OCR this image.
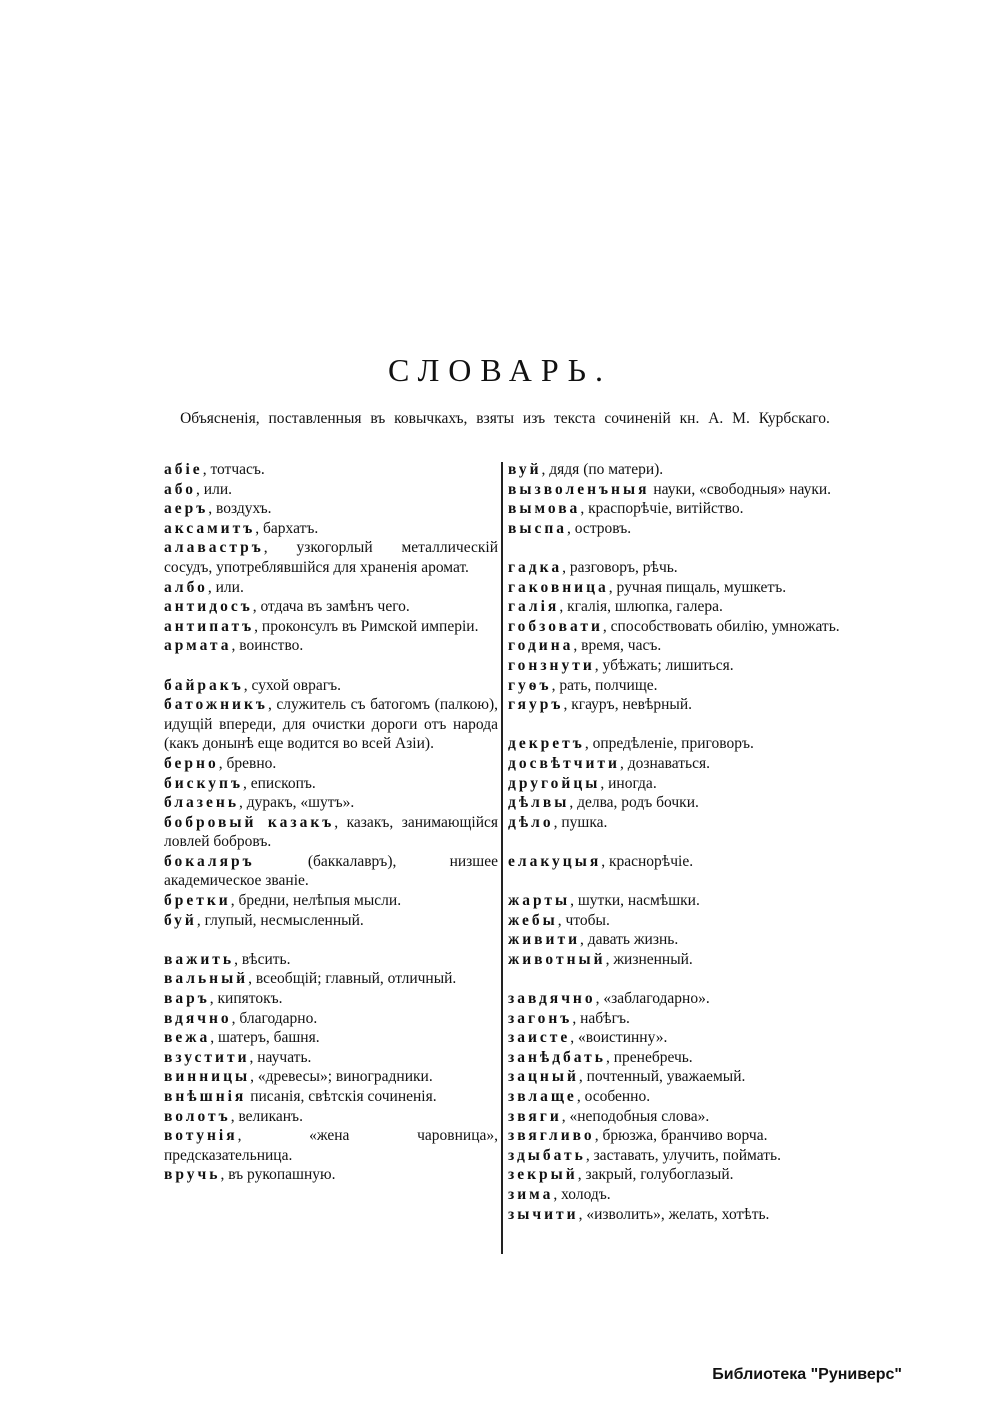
СЛОВАРЬ.
Объясненія, поставленныя въ ковычкахъ, взяты изъ текста сочиненій кн. А. М. Курбскаго.
абіе, тотчасъ.
або, или.
аеръ, воздухъ.
аксамитъ, бархатъ.
алавастръ, узкогорлый металлическій сосудъ, употреблявшійся для храненія аромат.
албо, или.
антидосъ, отдача въ замѣнъ чего.
антипатъ, проконсулъ въ Римской имперіи.
армата, воинство.
байракъ, сухой оврагъ.
батожникъ, служитель съ батогомъ (палкою), идущій впереди, для очистки дороги отъ народа (какъ донынѣ еще водится во всей Азіи).
берно, бревно.
бискупъ, епископъ.
блазень, дуракъ, «шутъ».
бобровый казакъ, казакъ, занимающійся ловлей бобровъ.
бокаляръ (баккалавръ), низшее академическое званіе.
бретки, бредни, нелѣпыя мысли.
буй, глупый, несмысленный.
важить, вѣсить.
вальный, всеобщій; главный, отличный.
варъ, кипятокъ.
вдячно, благодарно.
вежа, шатеръ, башня.
взустити, научать.
винницы, «древесы»; виноградники.
внѣшнія писанія, свѣтскія сочиненія.
волотъ, великанъ.
вотунія, «жена чаровница», предсказательница.
вручь, въ рукопашную.
вуй, дядя (по матери).
вызволенъныя науки, «свободныя» науки.
вымова, краспорѣчіе, витійство.
выспа, островъ.
гадка, разговоръ, рѣчь.
гаковница, ручная пищаль, мушкетъ.
галія, кгалія, шлюпка, галера.
гобзовати, способствовать обилію, умножать.
година, время, часъ.
гонзнути, убѣжать; лишиться.
гуѳъ, рать, полчище.
гяуръ, кгауръ, невѣрный.
декретъ, опредѣленіе, приговоръ.
досвѣтчити, дознаваться.
другойцы, иногда.
дѣлвы, делва, родъ бочки.
дѣло, пушка.
елакуцыя, краснорѣчіе.
жарты, шутки, насмѣшки.
жебы, чтобы.
живити, давать жизнь.
животный, жизненный.
завдячно, «заблагодарно».
загонъ, набѣгъ.
заисте, «воистинну».
занѣдбать, пренебречь.
зацный, почтенный, уважаемый.
звлаще, особенно.
звяги, «неподобныя слова».
звягливо, брюзжа, бранчиво ворча.
здыбать, заставать, улучить, поймать.
зекрый, закрый, голубоглазый.
зима, холодъ.
зычити, «изволить», желать, хотѣть.
Библиотека "Руниверс"
